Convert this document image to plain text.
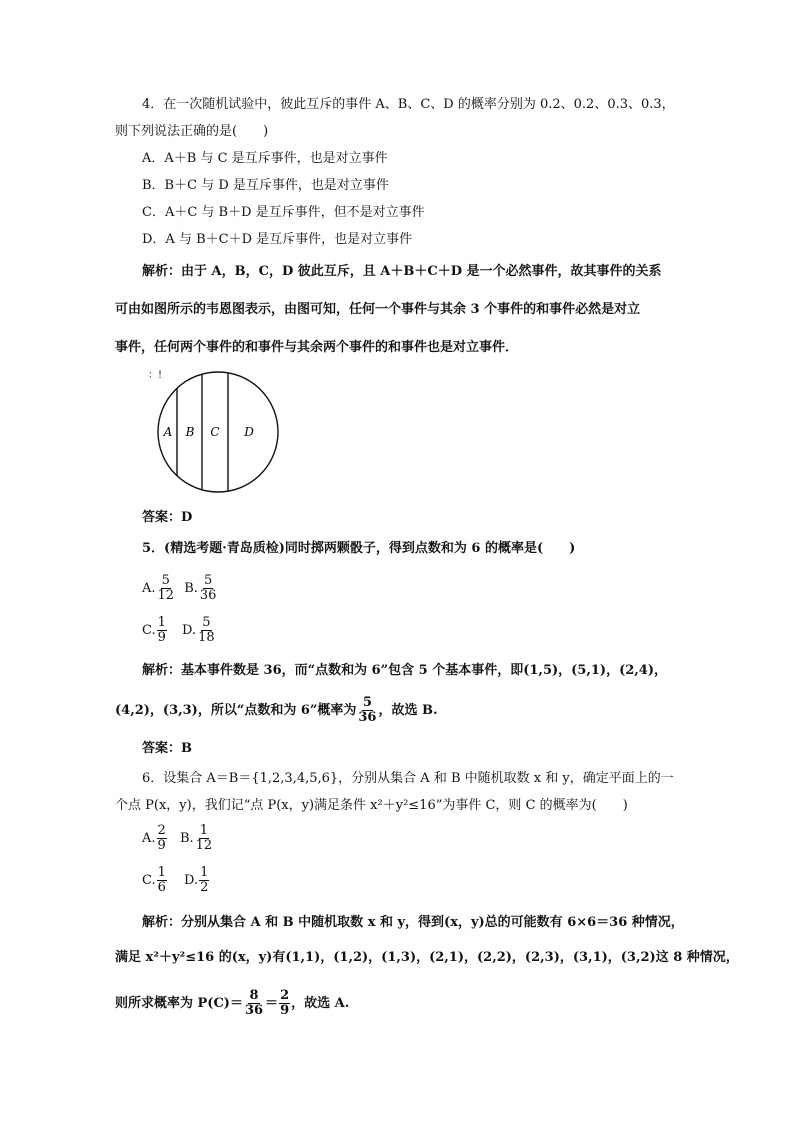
4．在一次随机试验中，彼此互斥的事件 A、B、C、D 的概率分别为 0.2、0.2、0.3、0.3，
则下列说法正确的是(　　)
A．A＋B 与 C 是互斥事件，也是对立事件
B．B＋C 与 D 是互斥事件，也是对立事件
C．A＋C 与 B＋D 是互斥事件，但不是对立事件
D．A 与 B＋C＋D 是互斥事件，也是对立事件
解析：由于 A，B，C，D 彼此互斥，且 A＋B＋C＋D 是一个必然事件，故其事件的关系
可由如图所示的韦恩图表示，由图可知，任何一个事件与其余 3 个事件的和事件必然是对立
事件，任何两个事件的和事件与其余两个事件的和事件也是对立事件．
：!
A B C D
答案：D
5．(精选考题·青岛质检)同时掷两颗骰子，得到点数和为 6 的概率是(　　)
A. $\frac{5}{12} B$. $\frac{5}{36}$
C. $\frac{1}{9} D$. $\frac{5}{18}$
解析：基本事件数是 36，而“点数和为 6”包含 5 个基本事件，即(1,5)，(5,1)，(2,4)，
(4,2)，(3,3)，所以“点数和为 6”概率为 $\frac{5}{36}$ ，故选 B.
答案：B
6．设集合 A＝B＝{1,2,3,4,5,6}，分别从集合 A 和 B 中随机取数 x 和 y，确定平面上的一
个点 P(x，y)，我们记“点 P(x，y)满足条件 x²＋y²≤16”为事件 C，则 C 的概率为(　　)
A. $\frac{2}{9} B$. $\frac{1}{12}$
C. $\frac{1}{6} D$. $\frac{1}{2}$
解析：分别从集合 A 和 B 中随机取数 x 和 y，得到(x，y)总的可能数有 6×6＝36 种情况，
满足 x²＋y²≤16 的(x，y)有(1,1)，(1,2)，(1,3)，(2,1)，(2,2)，(2,3)，(3,1)，(3,2)这 8 种情况，
则所求概率为 $P(C)= \frac{8}{36} = \frac{2}{9}$ ，故选 A.
